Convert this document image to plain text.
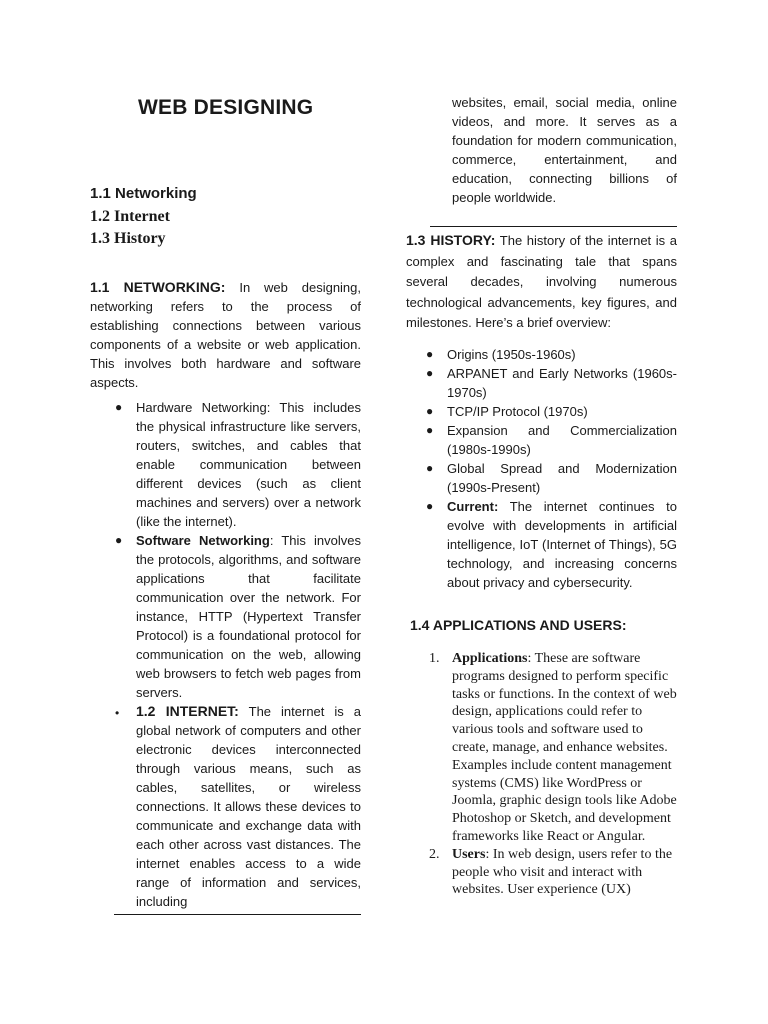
WEB DESIGNING
1.1 Networking
1.2 Internet
1.3 History

1.1 NETWORKING: In web designing, networking refers to the process of establishing connections between various components of a website or web application. This involves both hardware and software aspects.

● Hardware Networking: This includes the physical infrastructure like servers, routers, switches, and cables that enable communication between different devices (such as client machines and servers) over a network (like the internet).
● Software Networking: This involves the protocols, algorithms, and software applications that facilitate communication over the network. For instance, HTTP (Hypertext Transfer Protocol) is a foundational protocol for communication on the web, allowing web browsers to fetch web pages from servers.
• 1.2 INTERNET: The internet is a global network of computers and other electronic devices interconnected through various means, such as cables, satellites, or wireless connections. It allows these devices to communicate and exchange data with each other across vast distances. The internet enables access to a wide range of information and services, including

websites, email, social media, online videos, and more. It serves as a foundation for modern communication, commerce, entertainment, and education, connecting billions of people worldwide.

1.3 HISTORY: The history of the internet is a complex and fascinating tale that spans several decades, involving numerous technological advancements, key figures, and milestones. Here’s a brief overview:

● Origins (1950s-1960s)
● ARPANET and Early Networks (1960s-1970s)
● TCP/IP Protocol (1970s)
● Expansion and Commercialization (1980s-1990s)
● Global Spread and Modernization (1990s-Present)
● Current: The internet continues to evolve with developments in artificial intelligence, IoT (Internet of Things), 5G technology, and increasing concerns about privacy and cybersecurity.
1.4 APPLICATIONS AND USERS:
1. Applications: These are software programs designed to perform specific tasks or functions. In the context of web design, applications could refer to various tools and software used to create, manage, and enhance websites. Examples include content management systems (CMS) like WordPress or Joomla, graphic design tools like Adobe Photoshop or Sketch, and development frameworks like React or Angular.
2. Users: In web design, users refer to the people who visit and interact with websites. User experience (UX)
